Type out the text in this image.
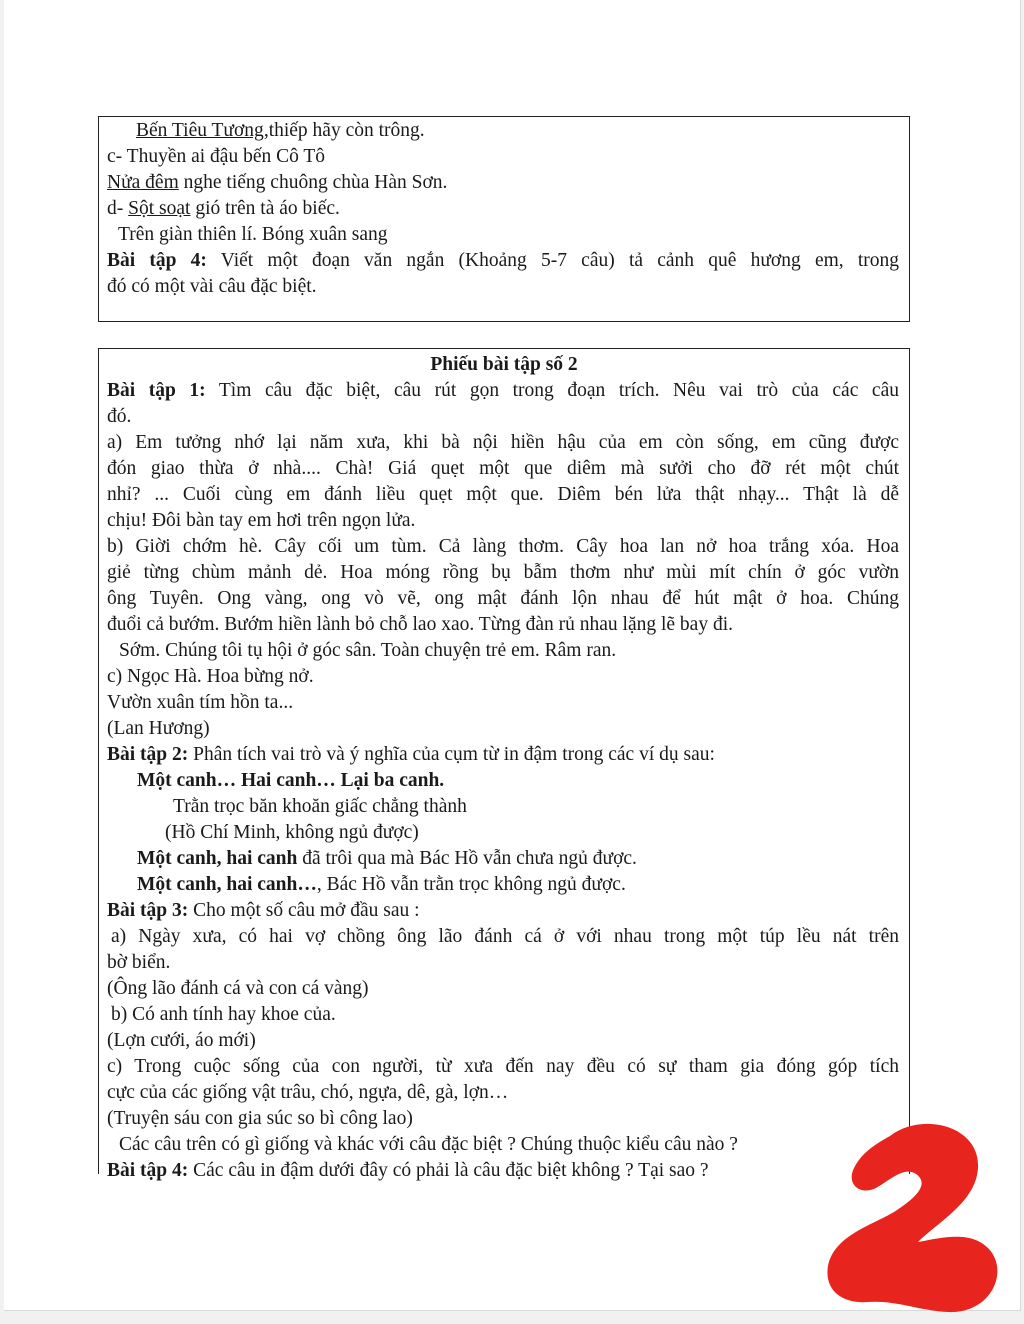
Bến Tiêu Tương,thiếp hãy còn trông.
c- Thuyền ai đậu bến Cô Tô
Nửa đêm nghe tiếng chuông chùa Hàn Sơn.
d- Sột soạt gió trên tà áo biếc.
Trên giàn thiên lí. Bóng xuân sang
Bài tập 4: Viết một đoạn văn ngắn (Khoảng 5-7 câu) tả cảnh quê hương em, trong
đó có một vài câu đặc biệt.
Phiếu bài tập số 2
Bài tập 1: Tìm câu đặc biệt, câu rút gọn trong đoạn trích. Nêu vai trò của các câu
đó.
a) Em tưởng nhớ lại năm xưa, khi bà nội hiền hậu của em còn sống, em cũng được
đón giao thừa ở nhà.... Chà! Giá quẹt một que diêm mà sưởi cho đỡ rét một chút
nhỉ? ... Cuối cùng em đánh liều quẹt một que. Diêm bén lửa thật nhạy... Thật là dễ
chịu! Đôi bàn tay em hơi trên ngọn lửa.
b) Giời chớm hè. Cây cối um tùm. Cả làng thơm. Cây hoa lan nở hoa trắng xóa. Hoa
giẻ từng chùm mảnh dẻ. Hoa móng rồng bụ bẫm thơm như mùi mít chín ở góc vườn
ông Tuyên. Ong vàng, ong vò vẽ, ong mật đánh lộn nhau để hút mật ở hoa. Chúng
đuổi cả bướm. Bướm hiền lành bỏ chỗ lao xao. Từng đàn rủ nhau lặng lẽ bay đi.
Sớm. Chúng tôi tụ hội ở góc sân. Toàn chuyện trẻ em. Râm ran.
c) Ngọc Hà. Hoa bừng nở.
Vườn xuân tím hồn ta...
(Lan Hương)
Bài tập 2: Phân tích vai trò và ý nghĩa của cụm từ in đậm trong các ví dụ sau:
Một canh… Hai canh… Lại ba canh.
Trằn trọc băn khoăn giấc chẳng thành
(Hồ Chí Minh, không ngủ được)
Một canh, hai canh đã trôi qua mà Bác Hồ vẫn chưa ngủ được.
Một canh, hai canh…, Bác Hồ vẫn trằn trọc không ngủ được.
Bài tập 3: Cho một số câu mở đầu sau :
a) Ngày xưa, có hai vợ chồng ông lão đánh cá ở với nhau trong một túp lều nát trên
bờ biển.
(Ông lão đánh cá và con cá vàng)
b) Có anh tính hay khoe của.
(Lợn cưới, áo mới)
c) Trong cuộc sống của con người, từ xưa đến nay đều có sự tham gia đóng góp tích
cực của các giống vật trâu, chó, ngựa, dê, gà, lợn…
(Truyện sáu con gia súc so bì công lao)
Các câu trên có gì giống và khác với câu đặc biệt ? Chúng thuộc kiểu câu nào ?
Bài tập 4: Các câu in đậm dưới đây có phải là câu đặc biệt không ? Tại sao ?
